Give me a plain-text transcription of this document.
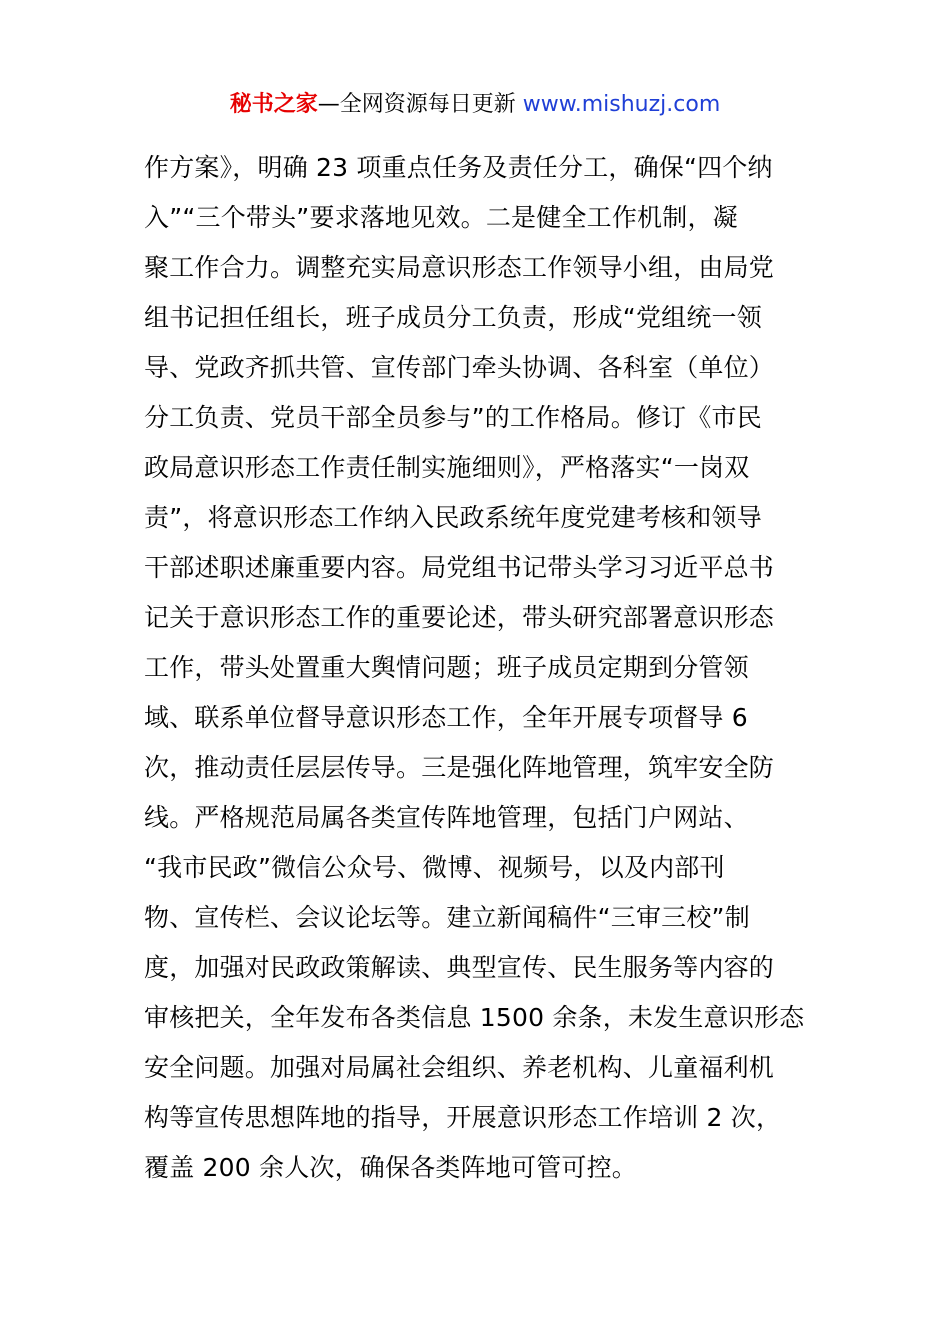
秘书之家—全网资源每日更新 www.mishuzj.com
作方案》，明确 23 项重点任务及责任分工，确保“四个纳
入”“三个带头”要求落地见效。二是健全工作机制，凝
聚工作合力。调整充实局意识形态工作领导小组，由局党
组书记担任组长，班子成员分工负责，形成“党组统一领
导、党政齐抓共管、宣传部门牵头协调、各科室（单位）
分工负责、党员干部全员参与”的工作格局。修订《市民
政局意识形态工作责任制实施细则》，严格落实“一岗双
责”，将意识形态工作纳入民政系统年度党建考核和领导
干部述职述廉重要内容。局党组书记带头学习习近平总书
记关于意识形态工作的重要论述，带头研究部署意识形态
工作，带头处置重大舆情问题；班子成员定期到分管领
域、联系单位督导意识形态工作，全年开展专项督导 6
次，推动责任层层传导。三是强化阵地管理，筑牢安全防
线。严格规范局属各类宣传阵地管理，包括门户网站、
“我市民政”微信公众号、微博、视频号，以及内部刊
物、宣传栏、会议论坛等。建立新闻稿件“三审三校”制
度，加强对民政政策解读、典型宣传、民生服务等内容的
审核把关，全年发布各类信息 1500 余条，未发生意识形态
安全问题。加强对局属社会组织、养老机构、儿童福利机
构等宣传思想阵地的指导，开展意识形态工作培训 2 次，
覆盖 200 余人次，确保各类阵地可管可控。
